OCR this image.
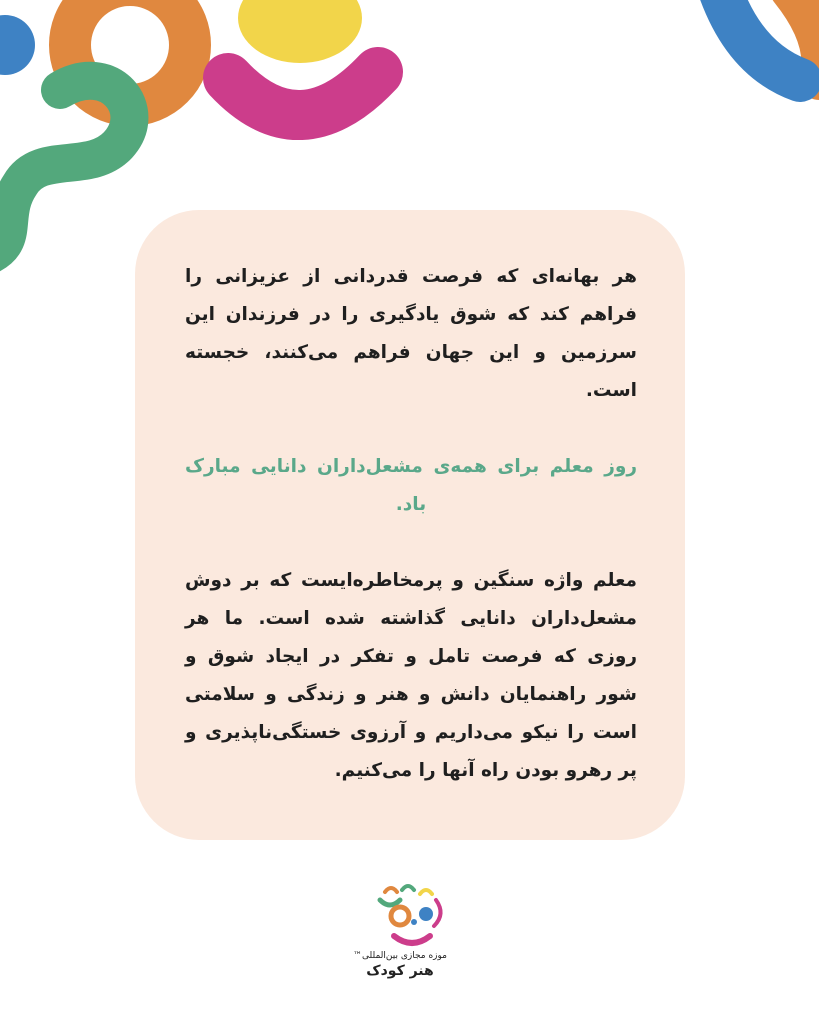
هر بهانه‌ای که فرصت قدردانی از عزیزانی را فراهم کند که شوق یادگیری را در فرزندان این سرزمین و این جهان فراهم می‌کنند، خجسته است.

روز معلم برای همه‌ی مشعل‌داران دانایی مبارک باد.

معلم واژه سنگین و پرمخاطره‌ایست که بر دوش مشعل‌داران دانایی گذاشته شده است. ما هر روزی که فرصت تامل و تفکر در ایجاد شوق و شور راهنمایان دانش و هنر و زندگی و سلامتی است را نیکو می‌داریم و آرزوی خستگی‌ناپذیری و پر رهرو بودن راه آنها را می‌کنیم.

موزه مجازی بین‌المللی™
هنر کودک
